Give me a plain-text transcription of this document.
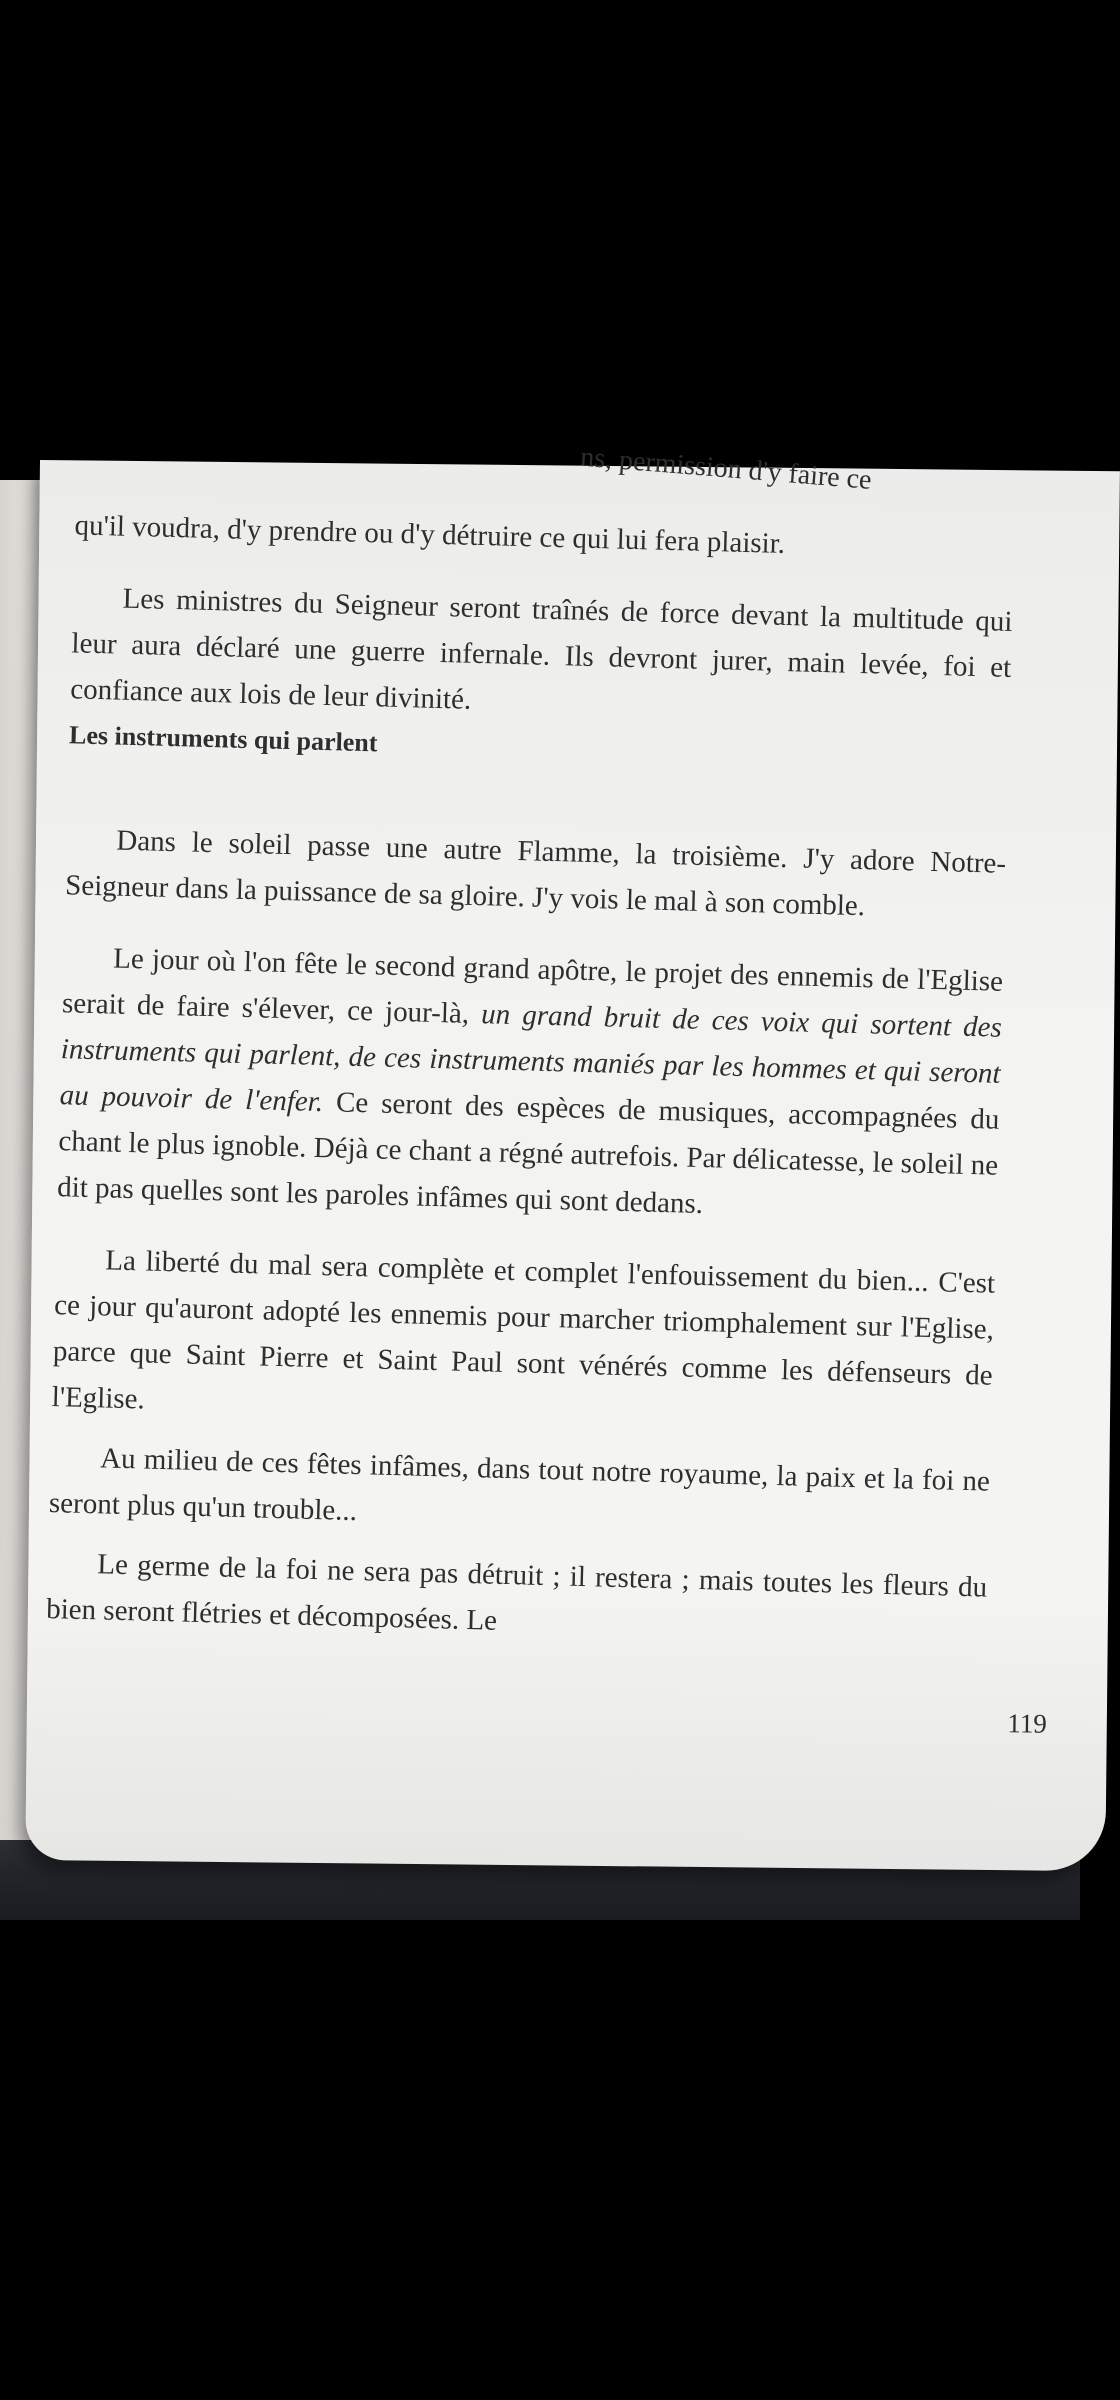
ns, permission d'y faire ce

qu'il voudra, d'y prendre ou d'y détruire ce qui lui fera plaisir.

Les ministres du Seigneur seront traînés de force devant la multitude qui leur aura déclaré une guerre infernale. Ils devront jurer, main levée, foi et confiance aux lois de leur divinité.

Les instruments qui parlent

Dans le soleil passe une autre Flamme, la troisième. J'y adore Notre-Seigneur dans la puissance de sa gloire. J'y vois le mal à son comble.

Le jour où l'on fête le second grand apôtre, le projet des ennemis de l'Eglise serait de faire s'élever, ce jour-là, un grand bruit de ces voix qui sortent des instruments qui parlent, de ces instruments maniés par les hommes et qui seront au pouvoir de l'enfer. Ce seront des espèces de musiques, accompagnées du chant le plus ignoble. Déjà ce chant a régné autrefois. Par délicatesse, le soleil ne dit pas quelles sont les paroles infâmes qui sont dedans.

La liberté du mal sera complète et complet l'enfouissement du bien... C'est ce jour qu'auront adopté les ennemis pour marcher triomphalement sur l'Eglise, parce que Saint Pierre et Saint Paul sont vénérés comme les défenseurs de l'Eglise.

Au milieu de ces fêtes infâmes, dans tout notre royaume, la paix et la foi ne seront plus qu'un trouble...

Le germe de la foi ne sera pas détruit ; il restera ; mais toutes les fleurs du bien seront flétries et décomposées. Le

119
